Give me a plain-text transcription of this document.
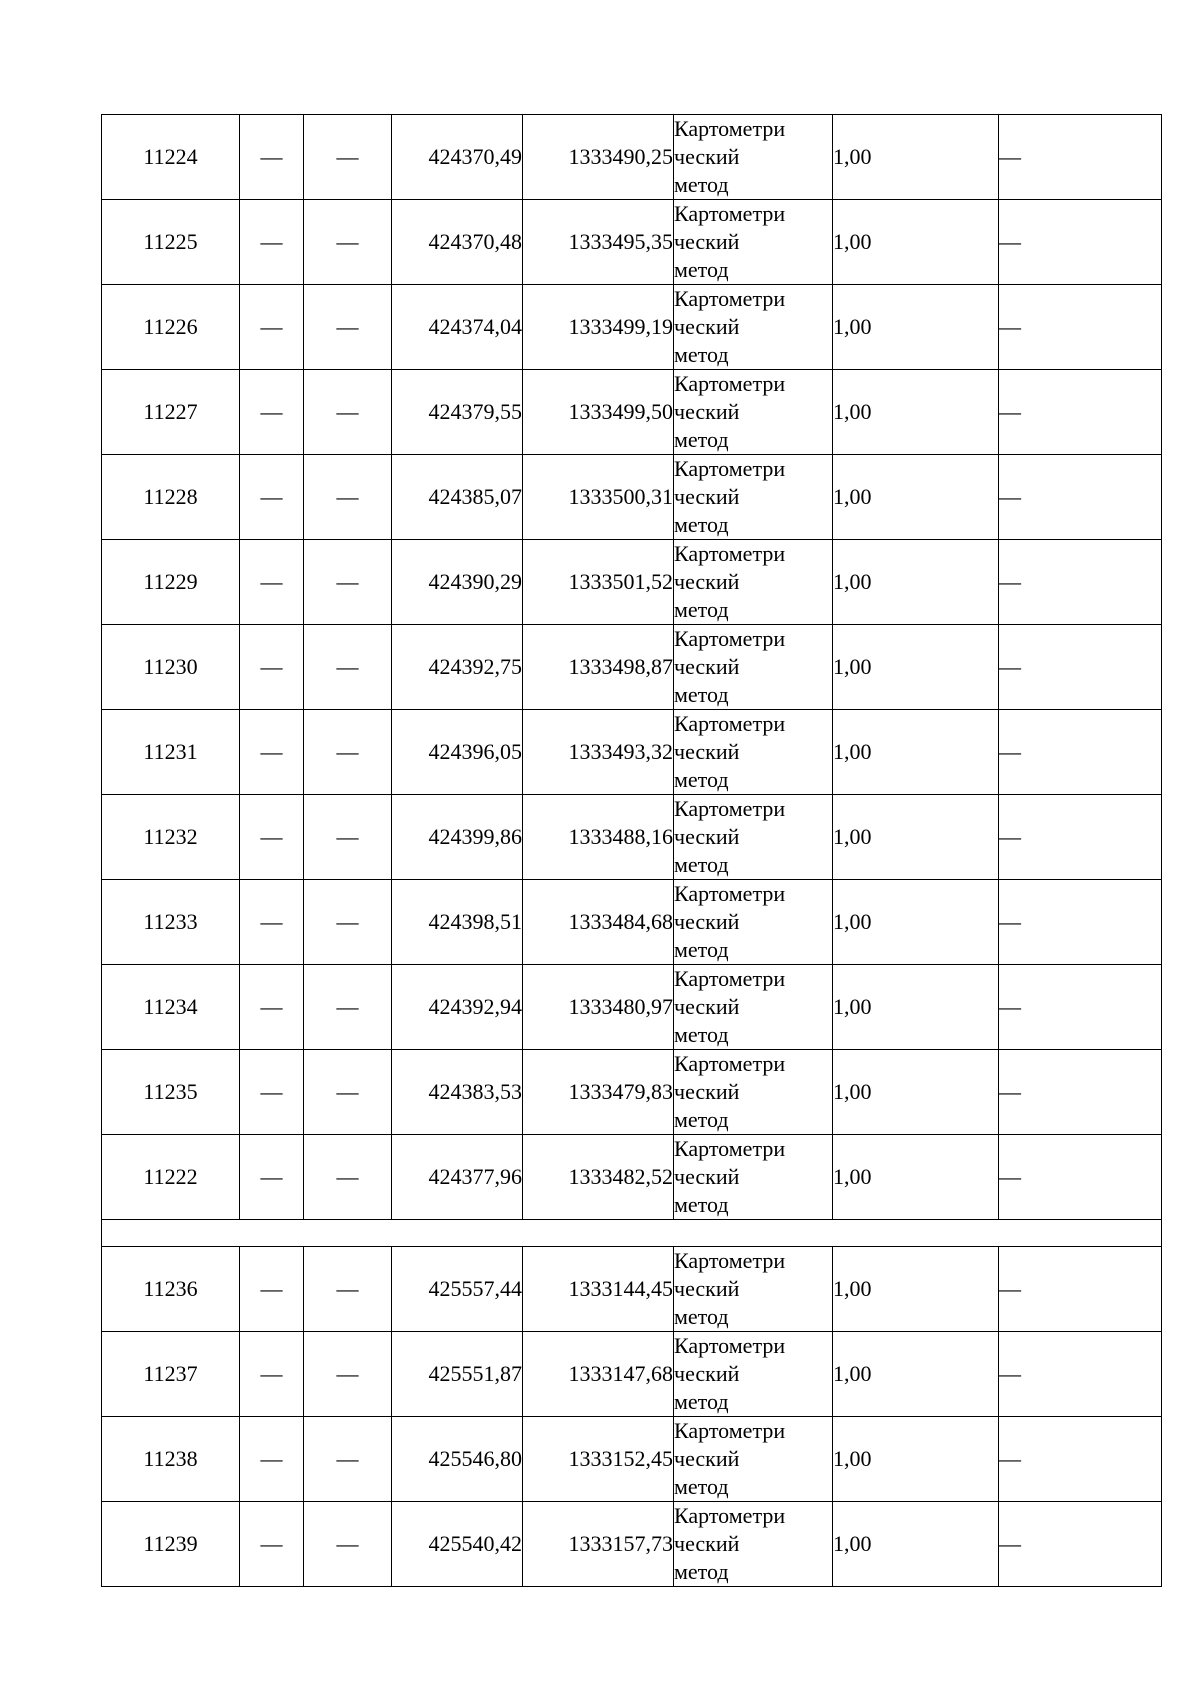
11224	—	—	424370,49	1333490,25	Картометри
ческий
метод	1,00	—
11225	—	—	424370,48	1333495,35	Картометри
ческий
метод	1,00	—
11226	—	—	424374,04	1333499,19	Картометри
ческий
метод	1,00	—
11227	—	—	424379,55	1333499,50	Картометри
ческий
метод	1,00	—
11228	—	—	424385,07	1333500,31	Картометри
ческий
метод	1,00	—
11229	—	—	424390,29	1333501,52	Картометри
ческий
метод	1,00	—
11230	—	—	424392,75	1333498,87	Картометри
ческий
метод	1,00	—
11231	—	—	424396,05	1333493,32	Картометри
ческий
метод	1,00	—
11232	—	—	424399,86	1333488,16	Картометри
ческий
метод	1,00	—
11233	—	—	424398,51	1333484,68	Картометри
ческий
метод	1,00	—
11234	—	—	424392,94	1333480,97	Картометри
ческий
метод	1,00	—
11235	—	—	424383,53	1333479,83	Картометри
ческий
метод	1,00	—
11222	—	—	424377,96	1333482,52	Картометри
ческий
метод	1,00	—

11236	—	—	425557,44	1333144,45	Картометри
ческий
метод	1,00	—
11237	—	—	425551,87	1333147,68	Картометри
ческий
метод	1,00	—
11238	—	—	425546,80	1333152,45	Картометри
ческий
метод	1,00	—
11239	—	—	425540,42	1333157,73	Картометри
ческий
метод	1,00	—
